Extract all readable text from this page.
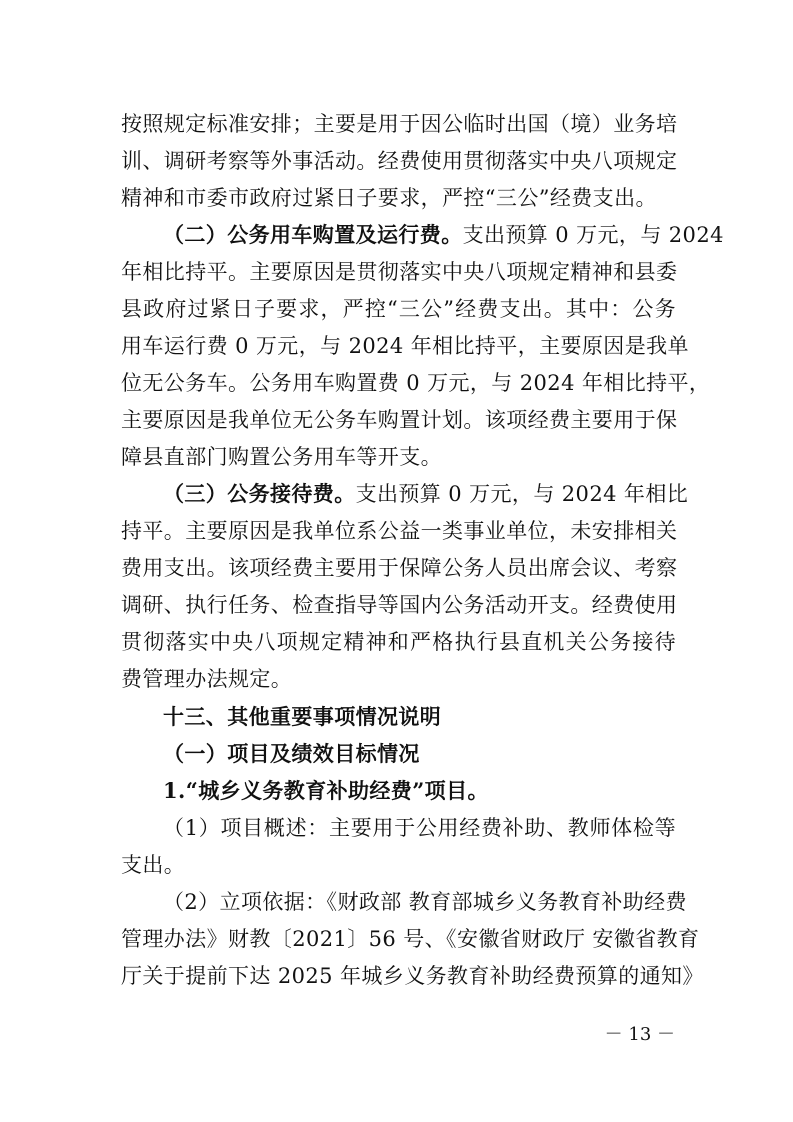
按照规定标准安排；主要是用于因公临时出国（境）业务培
训、调研考察等外事活动。经费使用贯彻落实中央八项规定
精神和市委市政府过紧日子要求，严控“三公”经费支出。
（二）公务用车购置及运行费。 支出预算 0 万元，与 2024
年相比持平。主要原因是贯彻落实中央八项规定精神和县委
县政府过紧日子要求，严控“三公”经费支出。其中：公务
用车运行费 0 万元，与 2024 年相比持平，主要原因是我单
位无公务车。公务用车购置费 0 万元，与 2024 年相比持平，
主要原因是我单位无公务车购置计划。该项经费主要用于保
障县直部门购置公务用车等开支。
（三）公务接待费。 支出预算 0 万元，与 2024 年相比
持平。主要原因是我单位系公益一类事业单位，未安排相关
费用支出。该项经费主要用于保障公务人员出席会议、考察
调研、执行任务、检查指导等国内公务活动开支。经费使用
贯彻落实中央八项规定精神和严格执行县直机关公务接待
费管理办法规定。
十三、其他重要事项情况说明
（一）项目及绩效目标情况
1.“城乡义务教育补助经费”项目。
（1）项目概述：主要用于公用经费补助、教师体检等
支出。
（2）立项依据：《财政部 教育部城乡义务教育补助经费
管理办法》财教〔2021〕56 号、《安徽省财政厅 安徽省教育
厅关于提前下达 2025 年城乡义务教育补助经费预算的通知》
－ 13 －
